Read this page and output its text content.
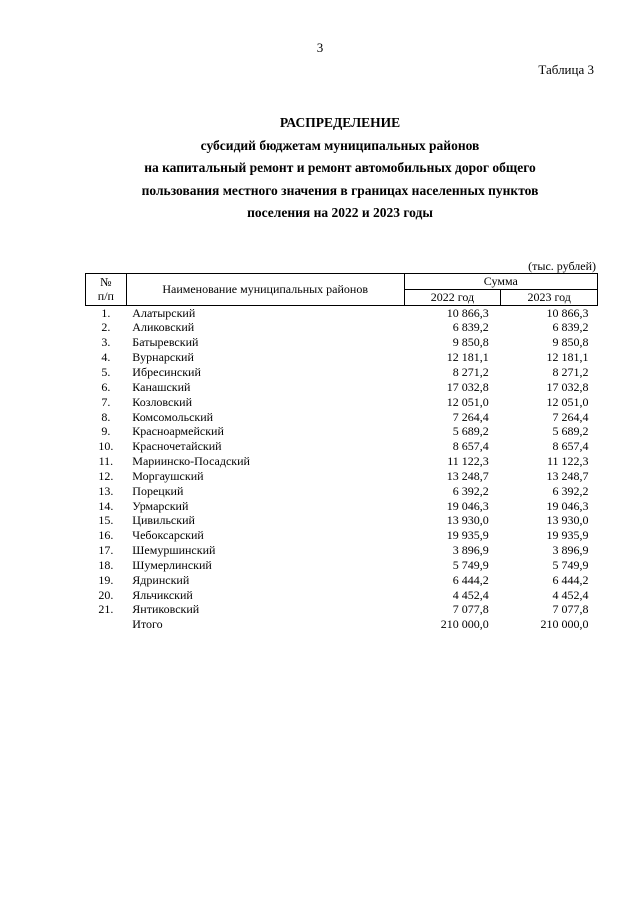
3
Таблица 3
РАСПРЕДЕЛЕНИЕ
субсидий бюджетам муниципальных районов
на капитальный ремонт и ремонт автомобильных дорог общего
пользования местного значения в границах населенных пунктов
поселения на 2022 и 2023 годы
(тыс. рублей)
№
п/п	Наименование муниципальных районов	Сумма	
		2022 год	2023 год
1.	Алатырский	10 866,3	10 866,3
2.	Аликовский	6 839,2	6 839,2
3.	Батыревский	9 850,8	9 850,8
4.	Вурнарский	12 181,1	12 181,1
5.	Ибресинский	8 271,2	8 271,2
6.	Канашский	17 032,8	17 032,8
7.	Козловский	12 051,0	12 051,0
8.	Комсомольский	7 264,4	7 264,4
9.	Красноармейский	5 689,2	5 689,2
10.	Красночетайский	8 657,4	8 657,4
11.	Мариинско-Посадский	11 122,3	11 122,3
12.	Моргаушский	13 248,7	13 248,7
13.	Порецкий	6 392,2	6 392,2
14.	Урмарский	19 046,3	19 046,3
15.	Цивильский	13 930,0	13 930,0
16.	Чебоксарский	19 935,9	19 935,9
17.	Шемуршинский	3 896,9	3 896,9
18.	Шумерлинский	5 749,9	5 749,9
19.	Ядринский	6 444,2	6 444,2
20.	Яльчикский	4 452,4	4 452,4
21.	Янтиковский	7 077,8	7 077,8
	Итого	210 000,0	210 000,0
